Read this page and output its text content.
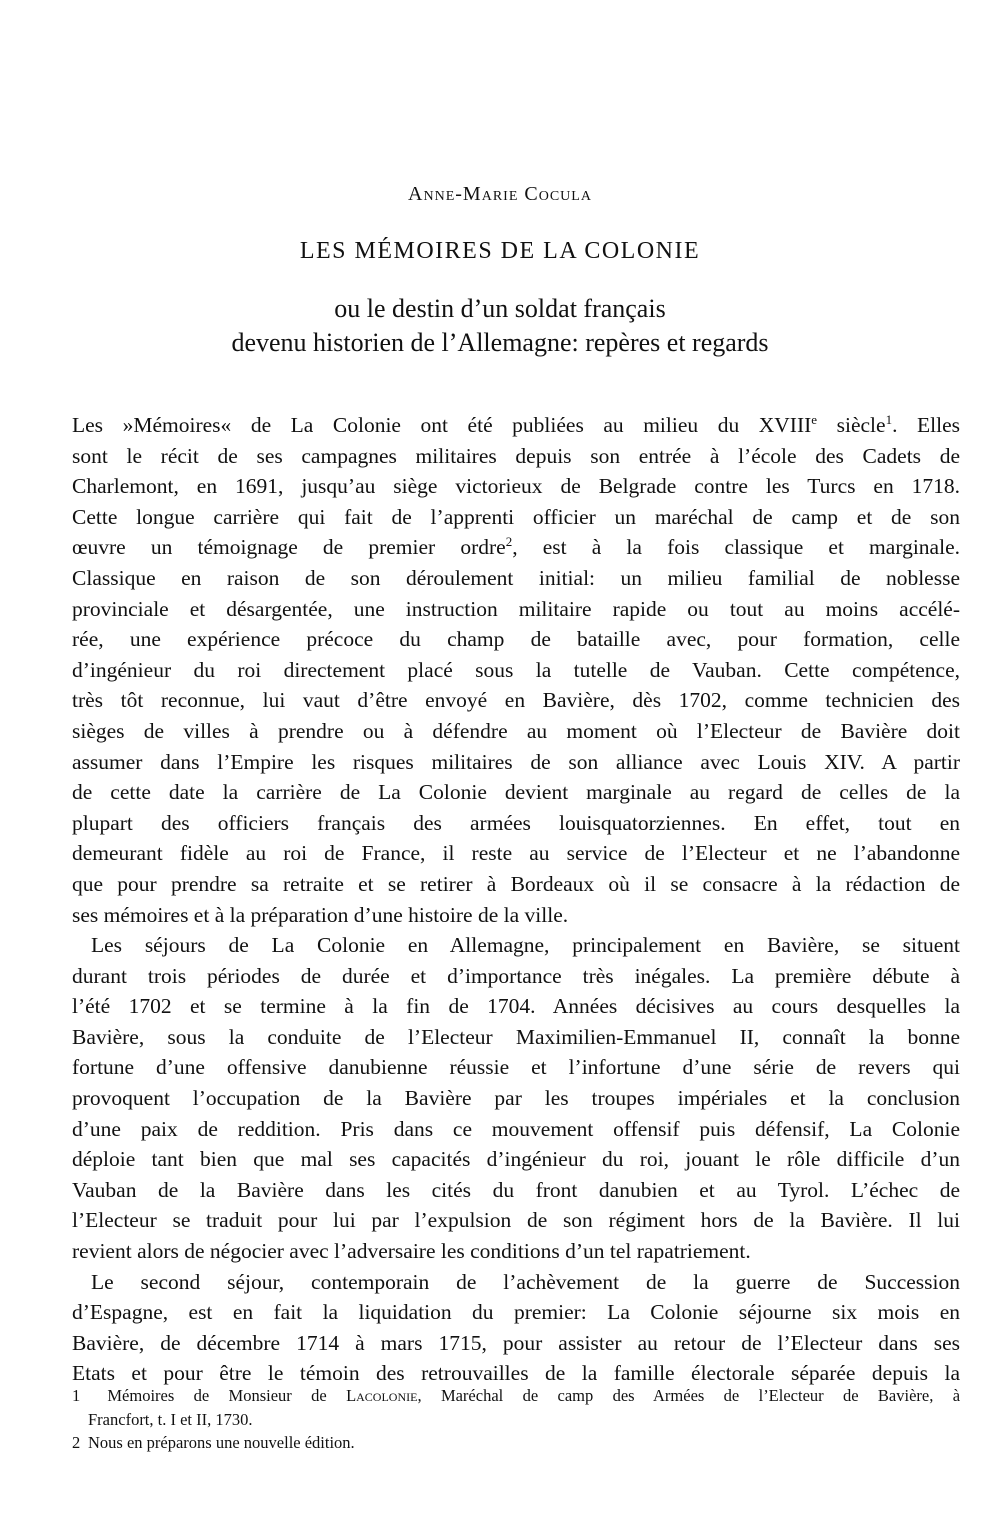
Anne-Marie Cocula
LES MÉMOIRES DE LA COLONIE
ou le destin d’un soldat français
devenu historien de l’Allemagne: repères et regards
Les »Mémoires« de La Colonie ont été publiées au milieu du XVIIIe siècle$^1$. Elles
sont le récit de ses campagnes militaires depuis son entrée à l’école des Cadets de
Charlemont, en 1691, jusqu’au siège victorieux de Belgrade contre les Turcs en 1718.
Cette longue carrière qui fait de l’apprenti officier un maréchal de camp et de son
œuvre un témoignage de premier ordre$^2$, est à la fois classique et marginale.
Classique en raison de son déroulement initial: un milieu familial de noblesse
provinciale et désargentée, une instruction militaire rapide ou tout au moins accélé-
rée, une expérience précoce du champ de bataille avec, pour formation, celle
d’ingénieur du roi directement placé sous la tutelle de Vauban. Cette compétence,
très tôt reconnue, lui vaut d’être envoyé en Bavière, dès 1702, comme technicien des
sièges de villes à prendre ou à défendre au moment où l’Electeur de Bavière doit
assumer dans l’Empire les risques militaires de son alliance avec Louis XIV. A partir
de cette date la carrière de La Colonie devient marginale au regard de celles de la
plupart des officiers français des armées louisquatorziennes. En effet, tout en
demeurant fidèle au roi de France, il reste au service de l’Electeur et ne l’abandonne
que pour prendre sa retraite et se retirer à Bordeaux où il se consacre à la rédaction de
ses mémoires et à la préparation d’une histoire de la ville.
Les séjours de La Colonie en Allemagne, principalement en Bavière, se situent
durant trois périodes de durée et d’importance très inégales. La première débute à
l’été 1702 et se termine à la fin de 1704. Années décisives au cours desquelles la
Bavière, sous la conduite de l’Electeur Maximilien-Emmanuel II, connaît la bonne
fortune d’une offensive danubienne réussie et l’infortune d’une série de revers qui
provoquent l’occupation de la Bavière par les troupes impériales et la conclusion
d’une paix de reddition. Pris dans ce mouvement offensif puis défensif, La Colonie
déploie tant bien que mal ses capacités d’ingénieur du roi, jouant le rôle difficile d’un
Vauban de la Bavière dans les cités du front danubien et au Tyrol. L’échec de
l’Electeur se traduit pour lui par l’expulsion de son régiment hors de la Bavière. Il lui
revient alors de négocier avec l’adversaire les conditions d’un tel rapatriement.
Le second séjour, contemporain de l’achèvement de la guerre de Succession
d’Espagne, est en fait la liquidation du premier: La Colonie séjourne six mois en
Bavière, de décembre 1714 à mars 1715, pour assister au retour de l’Electeur dans ses
Etats et pour être le témoin des retrouvailles de la famille électorale séparée depuis la
1 Mémoires de Monsieur de Lacolonie, Maréchal de camp des Armées de l’Electeur de Bavière, à
Francfort, t. I et II, 1730.
2 Nous en préparons une nouvelle édition.
